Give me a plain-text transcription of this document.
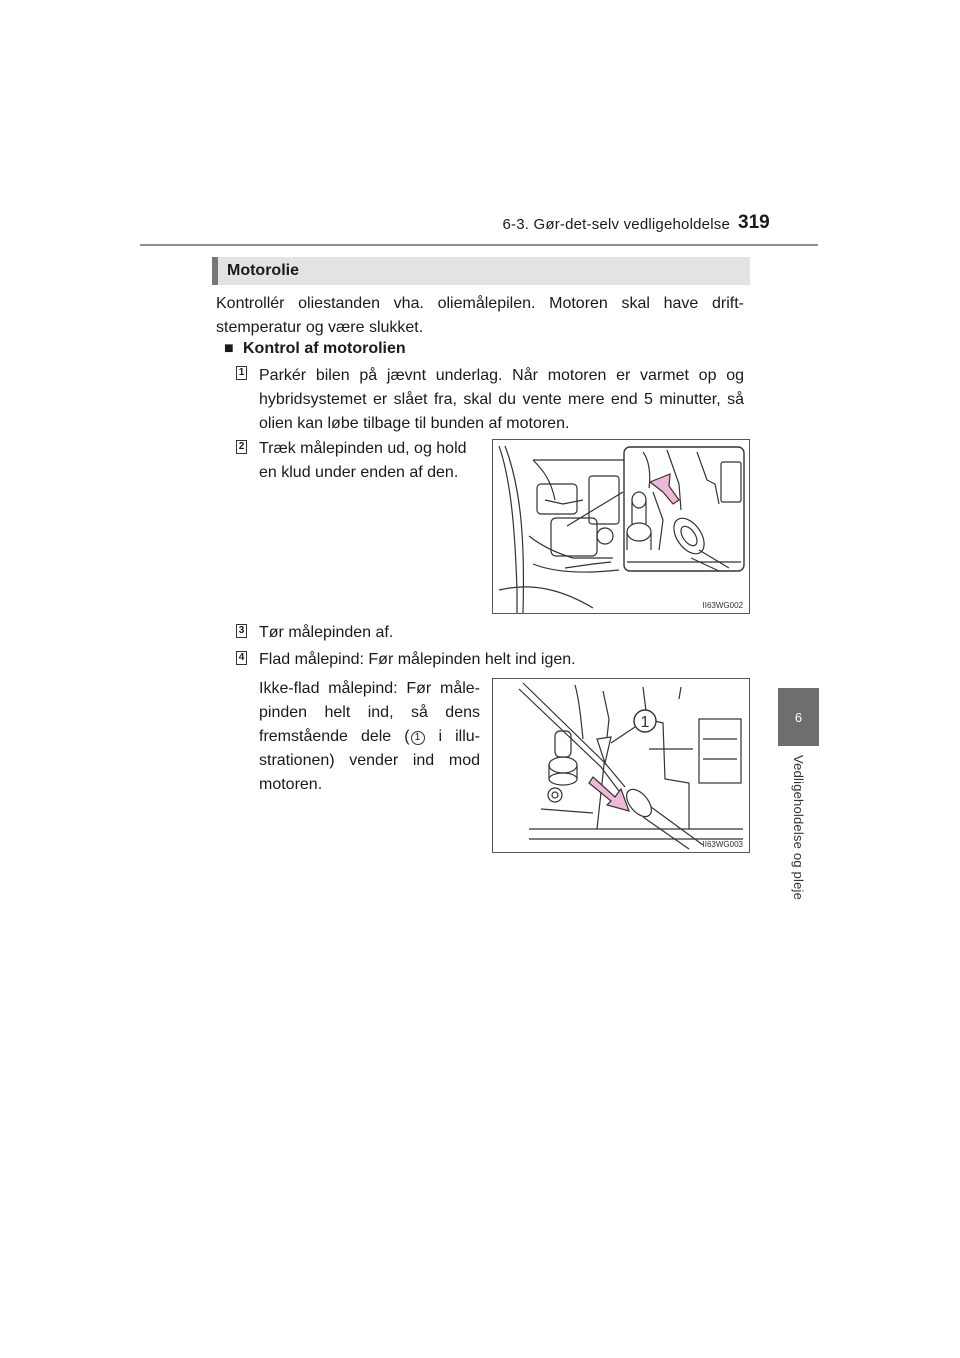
6-3. Gør-det-selv vedligeholdelse 319
6
Vedligeholdelse og pleje
Motorolie
Kontrollér oliestanden vha. oliemålepilen. Motoren skal have drift-stemperatur og være slukket.
■ Kontrol af motorolien
1 Parkér bilen på jævnt underlag. Når motoren er varmet op og hybridsystemet er slået fra, skal du vente mere end 5 minutter, så olien kan løbe tilbage til bunden af motoren.
2 Træk målepinden ud, og hold en klud under enden af den.
II63WG002
3 Tør målepinden af.
4 Flad målepind: Før målepinden helt ind igen.
Ikke-flad målepind: Før måle-pinden helt ind, så dens fremstående dele ( 1 i illu-strationen) vender ind mod motoren.
1
II63WG003
